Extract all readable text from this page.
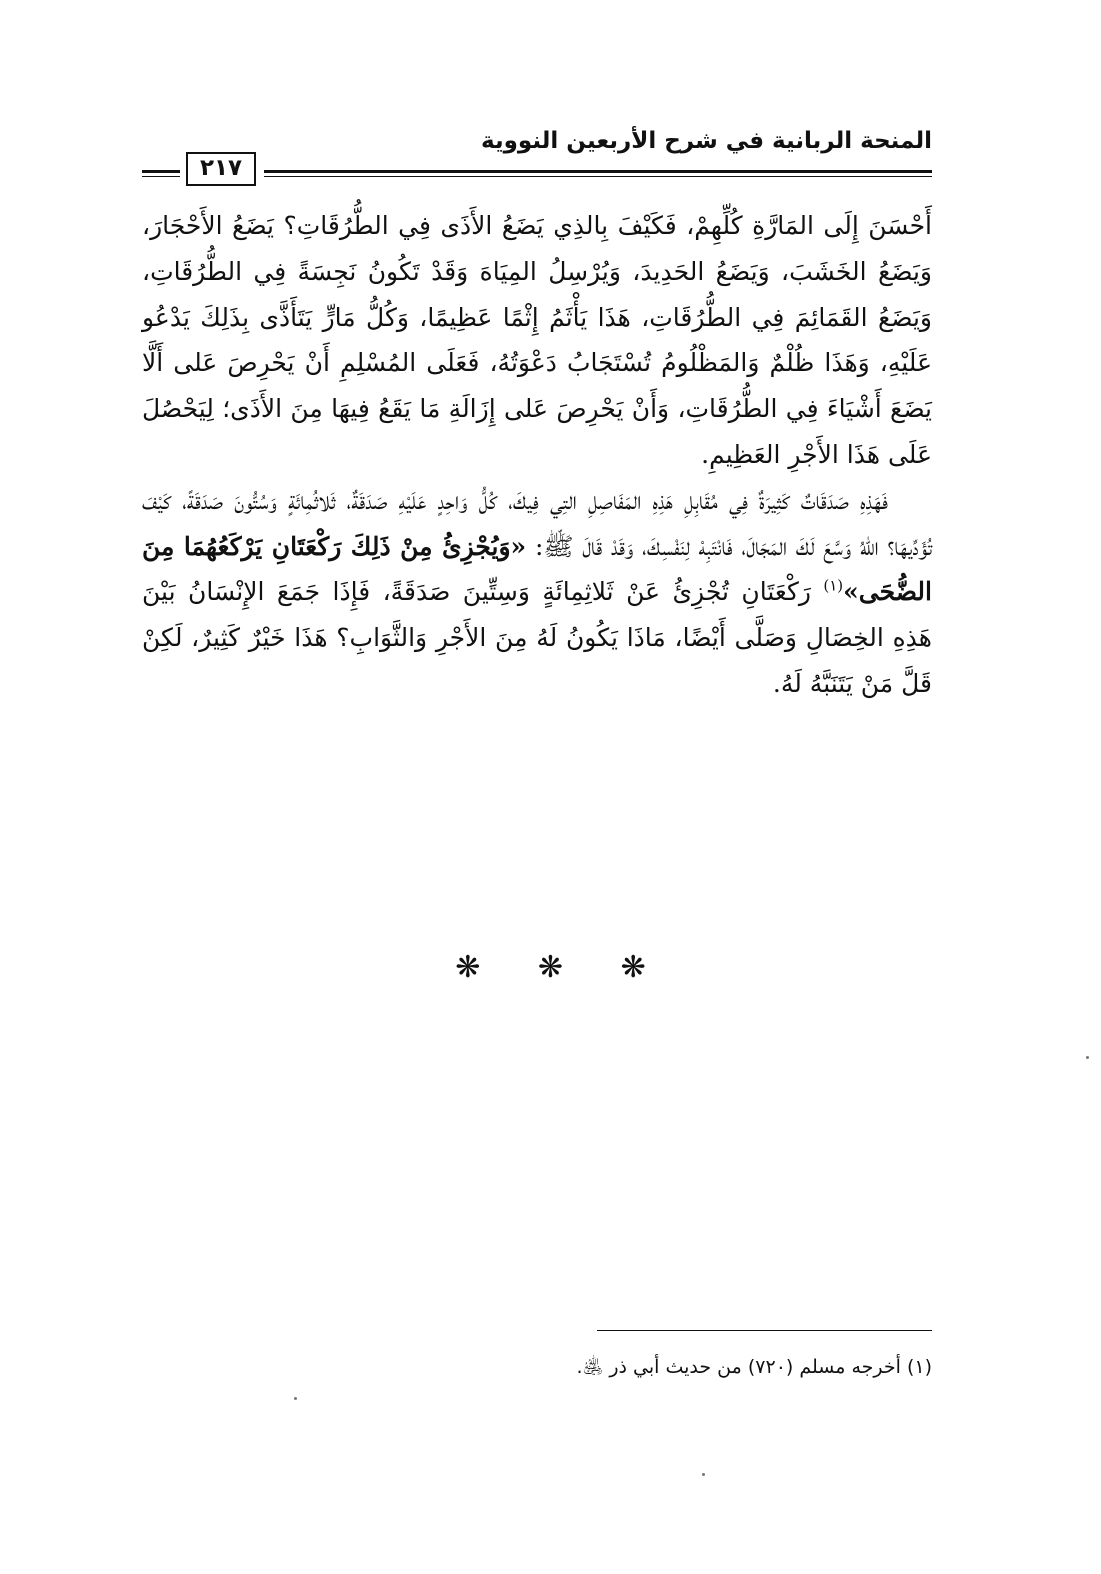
المنحة الربانية في شرح الأربعين النووية
٢١٧

أَحْسَنَ إِلَى المَارَّةِ كُلِّهِمْ، فَكَيْفَ بِالذِي يَضَعُ الأَذَى فِي الطُّرُقَاتِ؟ يَضَعُ الأَحْجَارَ، وَيَضَعُ الخَشَبَ، وَيَضَعُ الحَدِيدَ، وَيُرْسِلُ المِيَاهَ وَقَدْ تَكُونُ نَجِسَةً فِي الطُّرُقَاتِ، وَيَضَعُ القَمَائِمَ فِي الطُّرُقَاتِ، هَذَا يَأْثَمُ إِثْمًا عَظِيمًا، وَكُلُّ مَارٍّ يَتَأَذَّى بِذَلِكَ يَدْعُو عَلَيْهِ، وَهَذَا ظُلْمٌ وَالمَظْلُومُ تُسْتَجَابُ دَعْوَتُهُ، فَعَلَى المُسْلِمِ أَنْ يَحْرِصَ عَلى أَلَّا يَضَعَ أَشْيَاءَ فِي الطُّرُقَاتِ، وَأَنْ يَحْرِصَ عَلى إِزَالَةِ مَا يَقَعُ فِيهَا مِنَ الأَذَى؛ لِيَحْصُلَ عَلَى هَذَا الأَجْرِ العَظِيمِ.

فَهَذِهِ صَدَقَاتٌ كَثِيرَةٌ فِي مُقَابِلِ هَذِهِ المَفَاصِلِ التِي فِيكَ، كُلُّ وَاحِدٍ عَلَيْهِ صَدَقَةٌ، ثَلاثُمِائَةٍ وَسُتُّونَ صَدَقَةً، كَيْفَ تُؤَدِّيهَا؟ اللهُ وَسَّعَ لَكَ المَجَالَ، فَانْتَبِهْ لِنَفْسِكَ، وَقَدْ قَالَ ﷺ: «وَيُجْزِئُ مِنْ ذَلِكَ رَكْعَتَانِ يَرْكَعُهُمَا مِنَ الضُّحَى»$^{(١)}$ رَكْعَتَانِ تُجْزِئُ عَنْ ثَلاثِمِائَةٍ وَسِتِّينَ صَدَقَةً، فَإِذَا جَمَعَ الإِنْسَانُ بَيْنَ هَذِهِ الخِصَالِ وَصَلَّى أَيْضًا، مَاذَا يَكُونُ لَهُ مِنَ الأَجْرِ وَالثَّوَابِ؟ هَذَا خَيْرٌ كَثِيرٌ، لَكِنْ قَلَّ مَنْ يَتَنَبَّهُ لَهُ.

❋ ❋ ❋
(١) أخرجه مسلم (٧٢٠) من حديث أبي ذر ﵁.
